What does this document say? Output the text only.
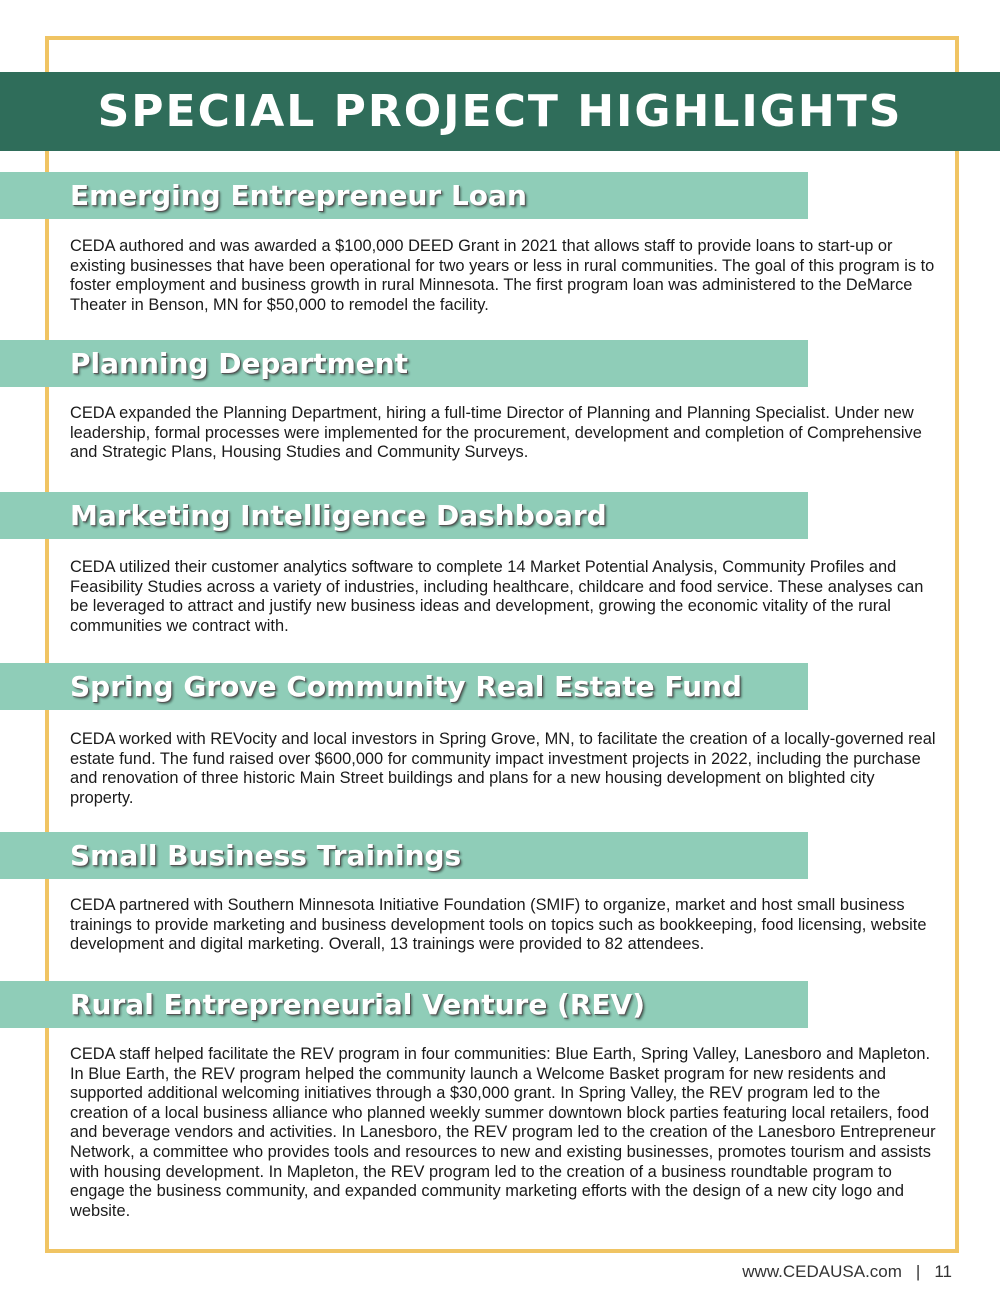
SPECIAL PROJECT HIGHLIGHTS
Emerging Entrepreneur Loan

CEDA authored and was awarded a $100,000 DEED Grant in 2021 that allows staff to provide loans to start-up or existing businesses that have been operational for two years or less in rural communities. The goal of this program is to foster employment and business growth in rural Minnesota. The first program loan was administered to the DeMarce Theater in Benson, MN for $50,000 to remodel the facility.

Planning Department

CEDA expanded the Planning Department, hiring a full-time Director of Planning and Planning Specialist. Under new leadership, formal processes were implemented for the procurement, development and completion of Comprehensive and Strategic Plans, Housing Studies and Community Surveys.

Marketing Intelligence Dashboard

CEDA utilized their customer analytics software to complete 14 Market Potential Analysis, Community Profiles and Feasibility Studies across a variety of industries, including healthcare, childcare and food service. These analyses can be leveraged to attract and justify new business ideas and development, growing the economic vitality of the rural communities we contract with.

Spring Grove Community Real Estate Fund

CEDA worked with REVocity and local investors in Spring Grove, MN, to facilitate the creation of a locally-governed real estate fund. The fund raised over $600,000 for community impact investment projects in 2022, including the purchase and renovation of three historic Main Street buildings and plans for a new housing development on blighted city property.

Small Business Trainings

CEDA partnered with Southern Minnesota Initiative Foundation (SMIF) to organize, market and host small business trainings to provide marketing and business development tools on topics such as bookkeeping, food licensing, website development and digital marketing. Overall, 13 trainings were provided to 82 attendees.

Rural Entrepreneurial Venture (REV)

CEDA staff helped facilitate the REV program in four communities: Blue Earth, Spring Valley, Lanesboro and Mapleton. In Blue Earth, the REV program helped the community launch a Welcome Basket program for new residents and supported additional welcoming initiatives through a $30,000 grant. In Spring Valley, the REV program led to the creation of a local business alliance who planned weekly summer downtown block parties featuring local retailers, food and beverage vendors and activities. In Lanesboro, the REV program led to the creation of the Lanesboro Entrepreneur Network, a committee who provides tools and resources to new and existing businesses, promotes tourism and assists with housing development. In Mapleton, the REV program led to the creation of a business roundtable program to engage the business community, and expanded community marketing efforts with the design of a new city logo and website.

www.CEDAUSA.com | 11
